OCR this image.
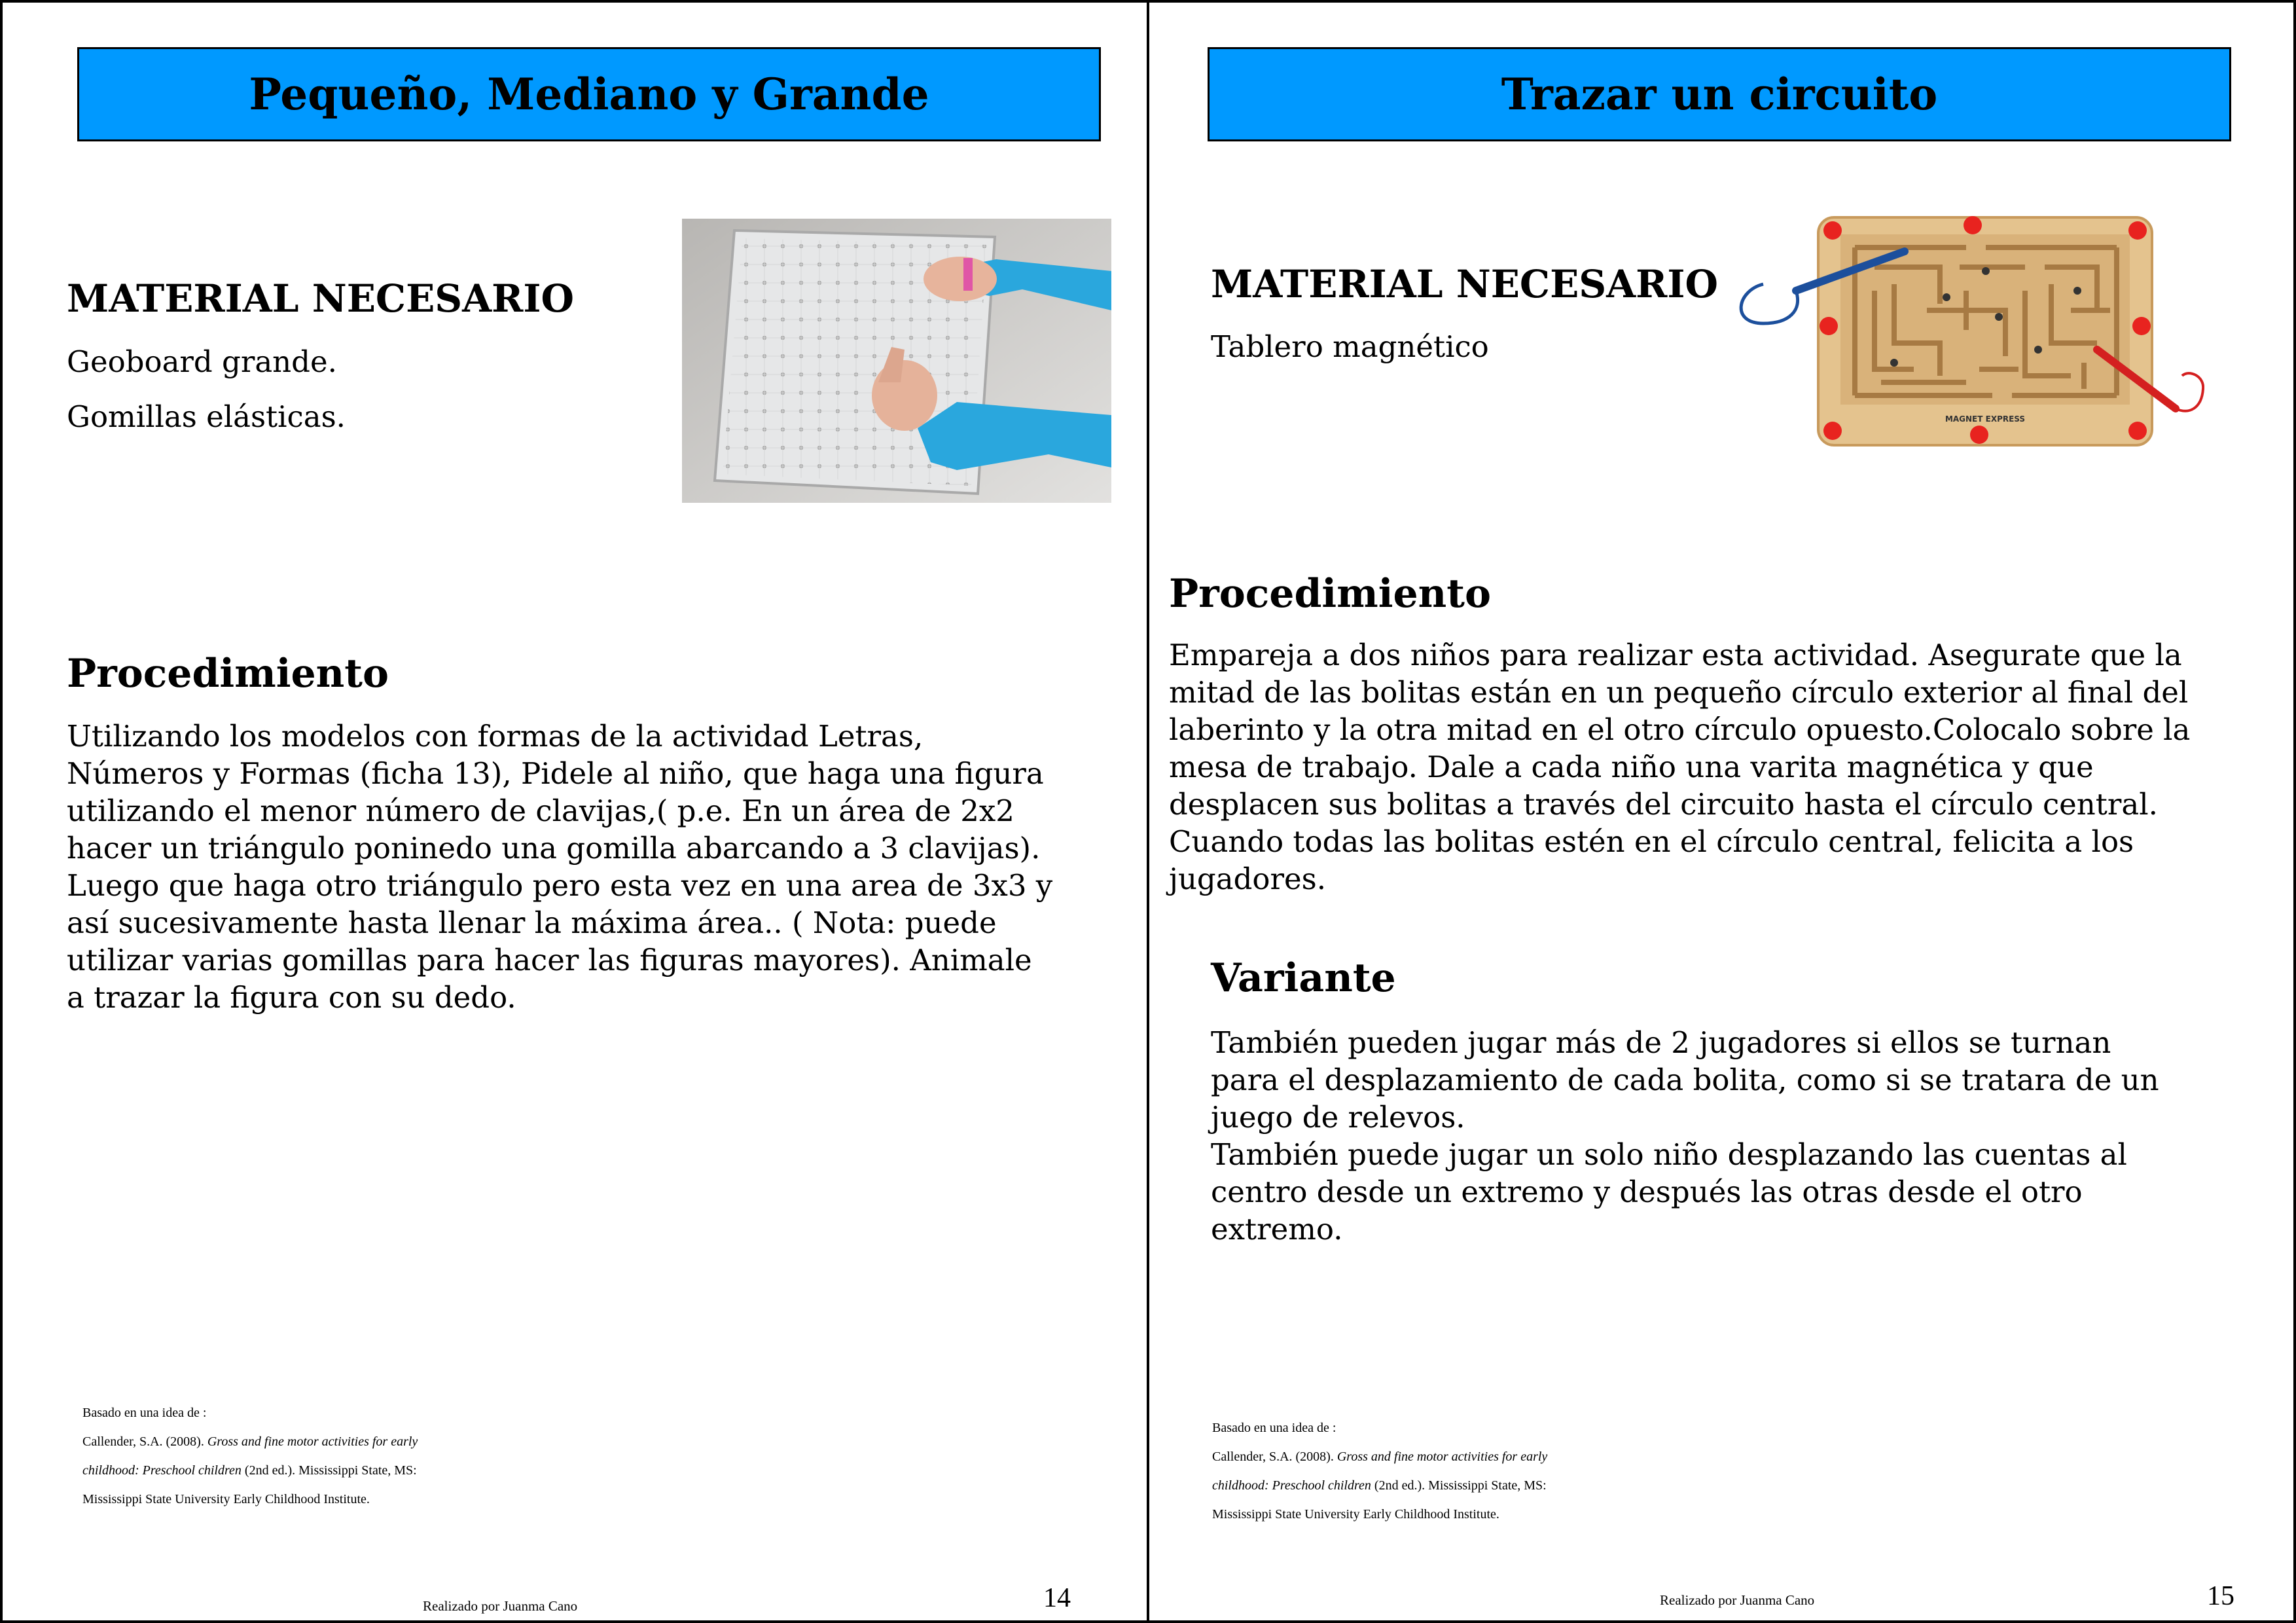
Pequeño, Mediano y Grande
MATERIAL NECESARIO
Geoboard grande.
Gomillas elásticas.
Procedimiento
Utilizando los modelos con formas de la actividad Letras,
Números y Formas (ficha 13), Pidele al niño, que haga una figura
utilizando el menor número de clavijas,( p.e. En un área de 2x2
hacer un triángulo poninedo una gomilla abarcando a 3 clavijas).
Luego que haga otro triángulo pero esta vez en una area de 3x3 y
así sucesivamente hasta llenar la máxima área.. ( Nota: puede
utilizar varias gomillas para hacer las figuras mayores). Animale
a trazar la figura con su dedo.
Basado en una idea de :
Callender, S.A. (2008). Gross and fine motor activities for early
childhood: Preschool children (2nd ed.). Mississippi State, MS:
Mississippi State University Early Childhood Institute.
Realizado por Juanma Cano	14
Trazar un circuito
MATERIAL NECESARIO
Tablero magnético
MAGNET EXPRESS
Procedimiento
Empareja a dos niños para realizar esta actividad. Asegurate que la
mitad de las bolitas están en un pequeño círculo exterior al final del
laberinto y la otra mitad en el otro círculo opuesto.Colocalo sobre la
mesa de trabajo. Dale a cada niño una varita magnética y que
desplacen sus bolitas a través del circuito hasta el círculo central.
Cuando todas las bolitas estén en el círculo central, felicita a los
jugadores.
Variante
También pueden jugar más de 2 jugadores si ellos se turnan
para el desplazamiento de cada bolita, como si se tratara de un
juego de relevos.
También puede jugar un solo niño desplazando las cuentas al
centro desde un extremo y después las otras desde el otro
extremo.
Basado en una idea de :
Callender, S.A. (2008). Gross and fine motor activities for early
childhood: Preschool children (2nd ed.). Mississippi State, MS:
Mississippi State University Early Childhood Institute.
Realizado por Juanma Cano	15
